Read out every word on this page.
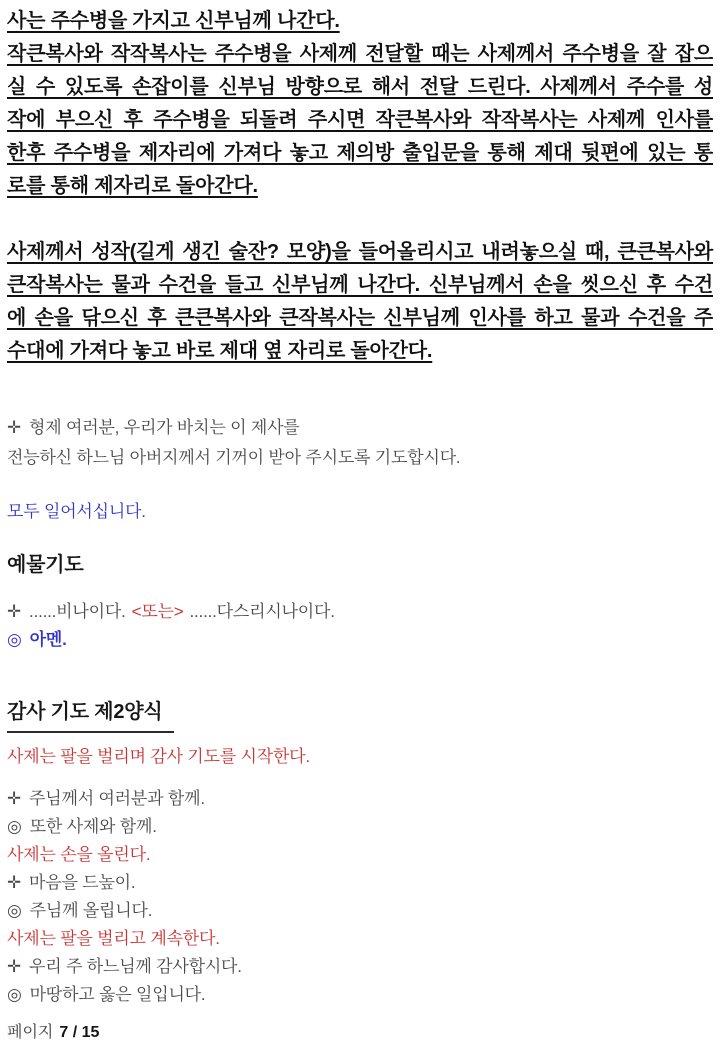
사는 주수병을 가지고 신부님께 나간다.
작큰복사와 작작복사는 주수병을 사제께 전달할 때는 사제께서 주수병을 잘 잡으
실 수 있도록 손잡이를 신부님 방향으로 해서 전달 드린다. 사제께서 주수를 성
작에 부으신 후 주수병을 되돌려 주시면 작큰복사와 작작복사는 사제께 인사를
한후 주수병을 제자리에 가져다 놓고 제의방 출입문을 통해 제대 뒷편에 있는 통
로를 통해 제자리로 돌아간다.
사제께서 성작(길게 생긴 술잔? 모양)을 들어올리시고 내려놓으실 때, 큰큰복사와
큰작복사는 물과 수건을 들고 신부님께 나간다. 신부님께서 손을 씻으신 후 수건
에 손을 닦으신 후 큰큰복사와 큰작복사는 신부님께 인사를 하고 물과 수건을 주
수대에 가져다 놓고 바로 제대 옆 자리로 돌아간다.
✛ 형제 여러분, 우리가 바치는 이 제사를
전능하신 하느님 아버지께서 기꺼이 받아 주시도록 기도합시다.
모두 일어서십니다.
예물기도
✛ ......비나이다. <또는> ......다스리시나이다.
◎ 아멘.
감사 기도 제2양식
사제는 팔을 벌리며 감사 기도를 시작한다.
✛ 주님께서 여러분과 함께.
◎ 또한 사제와 함께.
사제는 손을 올린다.
✛ 마음을 드높이.
◎ 주님께 올립니다.
사제는 팔을 벌리고 계속한다.
✛ 우리 주 하느님께 감사합시다.
◎ 마땅하고 옳은 일입니다.
페이지 7 / 15
